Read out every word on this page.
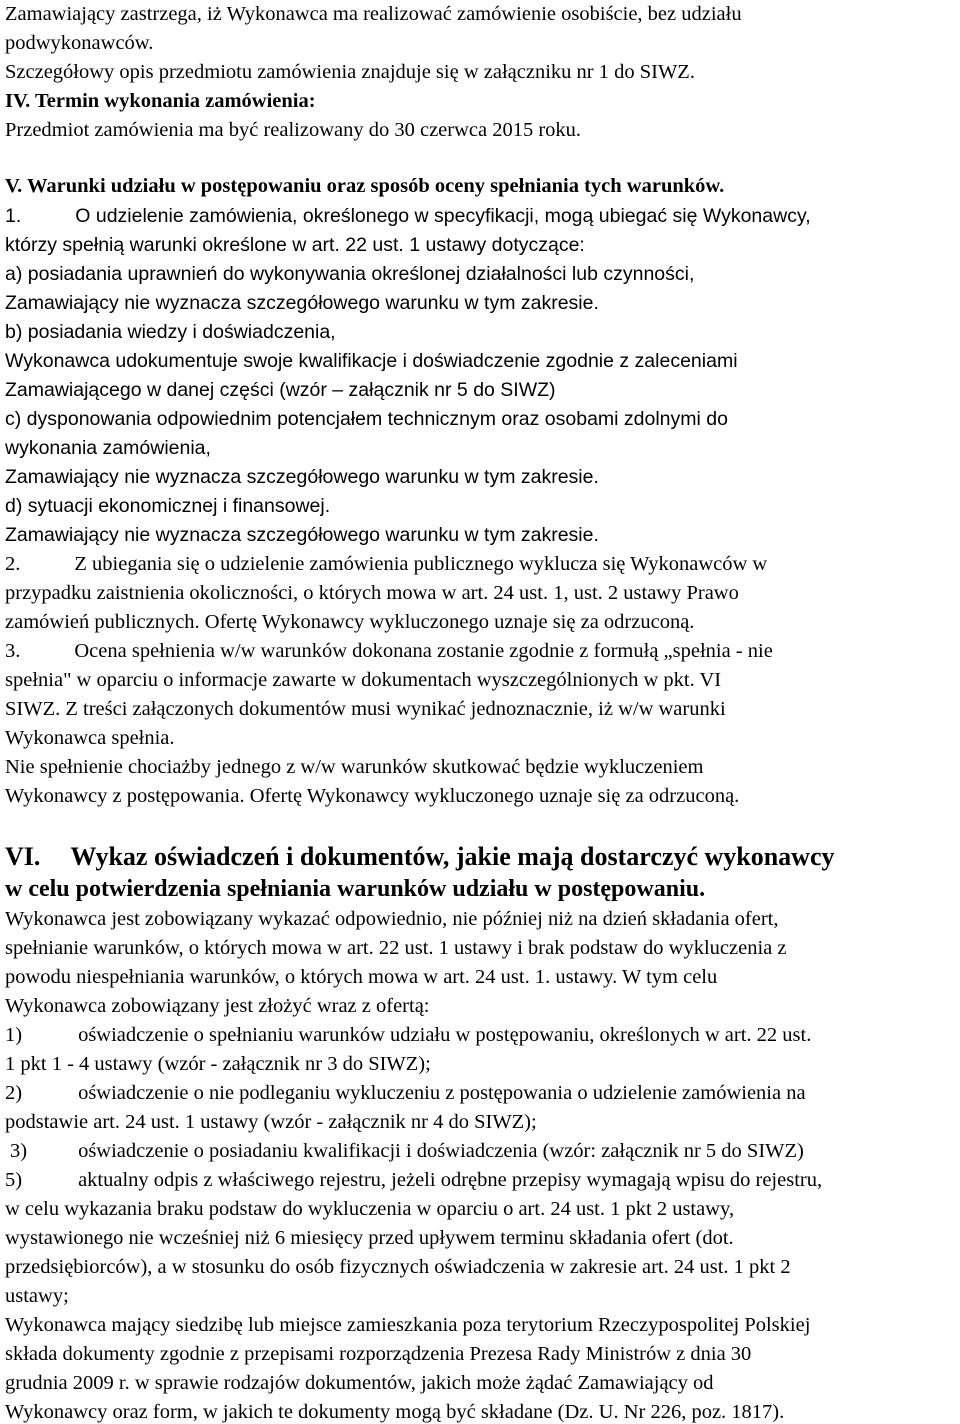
Zamawiający zastrzega, iż Wykonawca ma realizować zamówienie osobiście, bez udziału
podwykonawców.
Szczegółowy opis przedmiotu zamówienia znajduje się w załączniku nr 1 do SIWZ.
IV. Termin wykonania zamówienia:
Przedmiot zamówienia ma być realizowany do 30 czerwca 2015 roku.
V. Warunki udziału w postępowaniu oraz sposób oceny spełniania tych warunków.
1.	O udzielenie zamówienia, określonego w specyfikacji, mogą ubiegać się Wykonawcy,
którzy spełnią warunki określone w art. 22 ust. 1 ustawy dotyczące:
a) posiadania uprawnień do wykonywania określonej działalności lub czynności,
Zamawiający nie wyznacza szczegółowego warunku w tym zakresie.
b) posiadania wiedzy i doświadczenia,
Wykonawca udokumentuje swoje kwalifikacje i doświadczenie zgodnie z zaleceniami
Zamawiającego w danej części (wzór – załącznik nr 5 do SIWZ)
c) dysponowania odpowiednim potencjałem technicznym oraz osobami zdolnymi do
wykonania zamówienia,
Zamawiający nie wyznacza szczegółowego warunku w tym zakresie.
d) sytuacji ekonomicznej i finansowej.
Zamawiający nie wyznacza szczegółowego warunku w tym zakresie.
2.	Z ubiegania się o udzielenie zamówienia publicznego wyklucza się Wykonawców w
przypadku zaistnienia okoliczności, o których mowa w art. 24 ust. 1, ust. 2 ustawy Prawo
zamówień publicznych. Ofertę Wykonawcy wykluczonego uznaje się za odrzuconą.
3.	Ocena spełnienia w/w warunków dokonana zostanie zgodnie z formułą „spełnia - nie
spełnia" w oparciu o informacje zawarte w dokumentach wyszczególnionych w pkt. VI
SIWZ. Z treści załączonych dokumentów musi wynikać jednoznacznie, iż w/w warunki
Wykonawca spełnia.
Nie spełnienie chociażby jednego z w/w warunków skutkować będzie wykluczeniem
Wykonawcy z postępowania. Ofertę Wykonawcy wykluczonego uznaje się za odrzuconą.
VI. Wykaz oświadczeń i dokumentów, jakie mają dostarczyć wykonawcy
w celu potwierdzenia spełniania warunków udziału w postępowaniu.
Wykonawca jest zobowiązany wykazać odpowiednio, nie później niż na dzień składania ofert,
spełnianie warunków, o których mowa w art. 22 ust. 1 ustawy i brak podstaw do wykluczenia z
powodu niespełniania warunków, o których mowa w art. 24 ust. 1. ustawy. W tym celu
Wykonawca zobowiązany jest złożyć wraz z ofertą:
1)	oświadczenie o spełnianiu warunków udziału w postępowaniu, określonych w art. 22 ust.
1 pkt 1 - 4 ustawy (wzór - załącznik nr 3 do SIWZ);
2)	oświadczenie o nie podleganiu wykluczeniu z postępowania o udzielenie zamówienia na
podstawie art. 24 ust. 1 ustawy (wzór - załącznik nr 4 do SIWZ);
3) oświadczenie o posiadaniu kwalifikacji i doświadczenia (wzór: załącznik nr 5 do SIWZ)
5)	aktualny odpis z właściwego rejestru, jeżeli odrębne przepisy wymagają wpisu do rejestru,
w celu wykazania braku podstaw do wykluczenia w oparciu o art. 24 ust. 1 pkt 2 ustawy,
wystawionego nie wcześniej niż 6 miesięcy przed upływem terminu składania ofert (dot.
przedsiębiorców), a w stosunku do osób fizycznych oświadczenia w zakresie art. 24 ust. 1 pkt 2
ustawy;
Wykonawca mający siedzibę lub miejsce zamieszkania poza terytorium Rzeczypospolitej Polskiej
składa dokumenty zgodnie z przepisami rozporządzenia Prezesa Rady Ministrów z dnia 30
grudnia 2009 r. w sprawie rodzajów dokumentów, jakich może żądać Zamawiający od
Wykonawcy oraz form, w jakich te dokumenty mogą być składane (Dz. U. Nr 226, poz. 1817).
